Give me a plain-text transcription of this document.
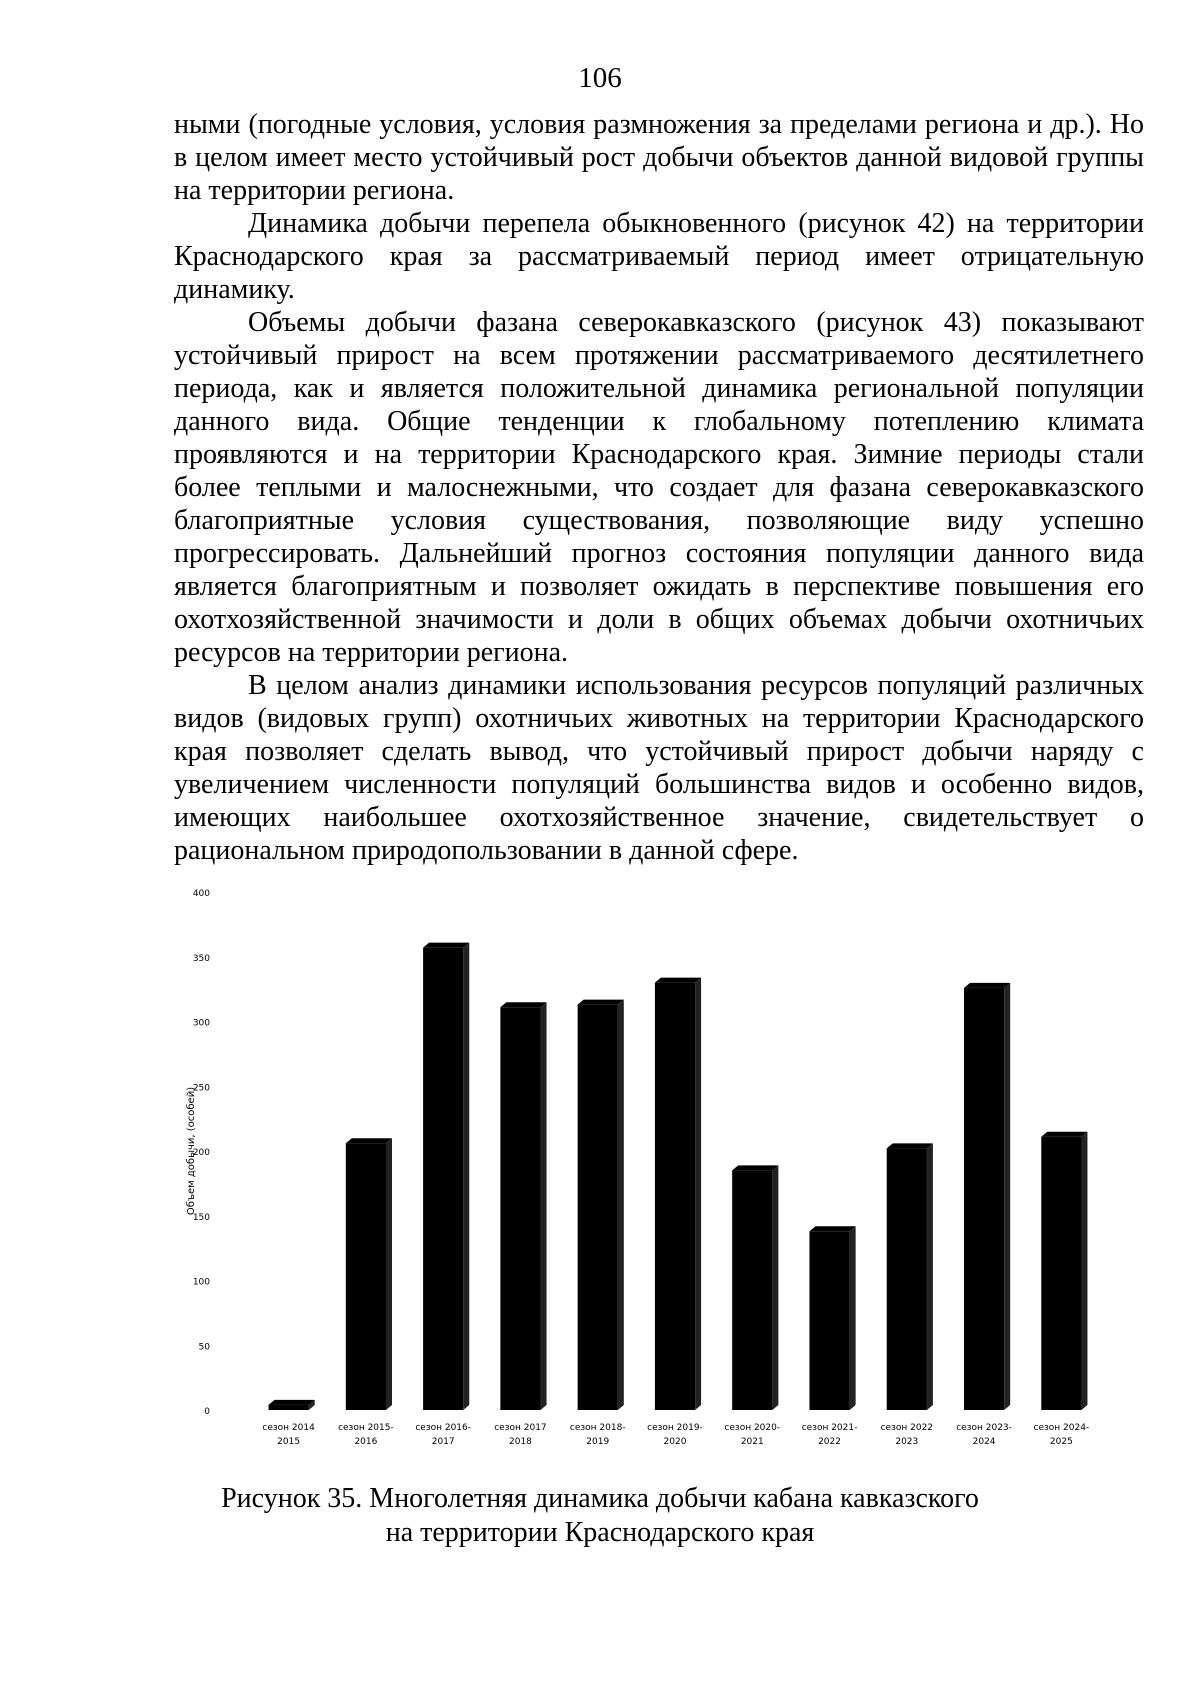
106

ными (погодные условия, условия размножения за пределами региона и др.). Но в целом имеет место устойчивый рост добычи объектов данной видовой группы на территории региона.

Динамика добычи перепела обыкновенного (рисунок 42) на территории Краснодарского края за рассматриваемый период имеет отрицательную динамику.

Объемы добычи фазана северокавказского (рисунок 43) показывают устойчивый прирост на всем протяжении рассматриваемого десятилетнего периода, как и является положительной динамика региональной популяции данного вида. Общие тенденции к глобальному потеплению климата проявляются и на территории Краснодарского края. Зимние периоды стали более теплыми и малоснежными, что создает для фазана северокавказского благоприятные условия существования, позволяющие виду успешно прогрессировать. Дальнейший прогноз состояния популяции данного вида является благоприятным и позволяет ожидать в перспективе повышения его охотхозяйственной значимости и доли в общих объемах добычи охотничьих ресурсов на территории региона.

В целом анализ динамики использования ресурсов популяций различных видов (видовых групп) охотничьих животных на территории Краснодарского края позволяет сделать вывод, что устойчивый прирост добычи наряду с увеличением численности популяций большинства видов и особенно видов, имеющих наибольшее охотхозяйственное значение, свидетельствует о рациональном природопользовании в данной сфере.

0
50
100
150
200
250
300
350
400
Объем добычи, (особей)
сезон 2014
2015
сезон 2015-
2016
сезон 2016-
2017
сезон 2017
2018
сезон 2018-
2019
сезон 2019-
2020
сезон 2020-
2021
сезон 2021-
2022
сезон 2022
2023
сезон 2023-
2024
сезон 2024-
2025
Рисунок 35. Многолетняя динамика добычи кабана кавказского
на территории Краснодарского края
